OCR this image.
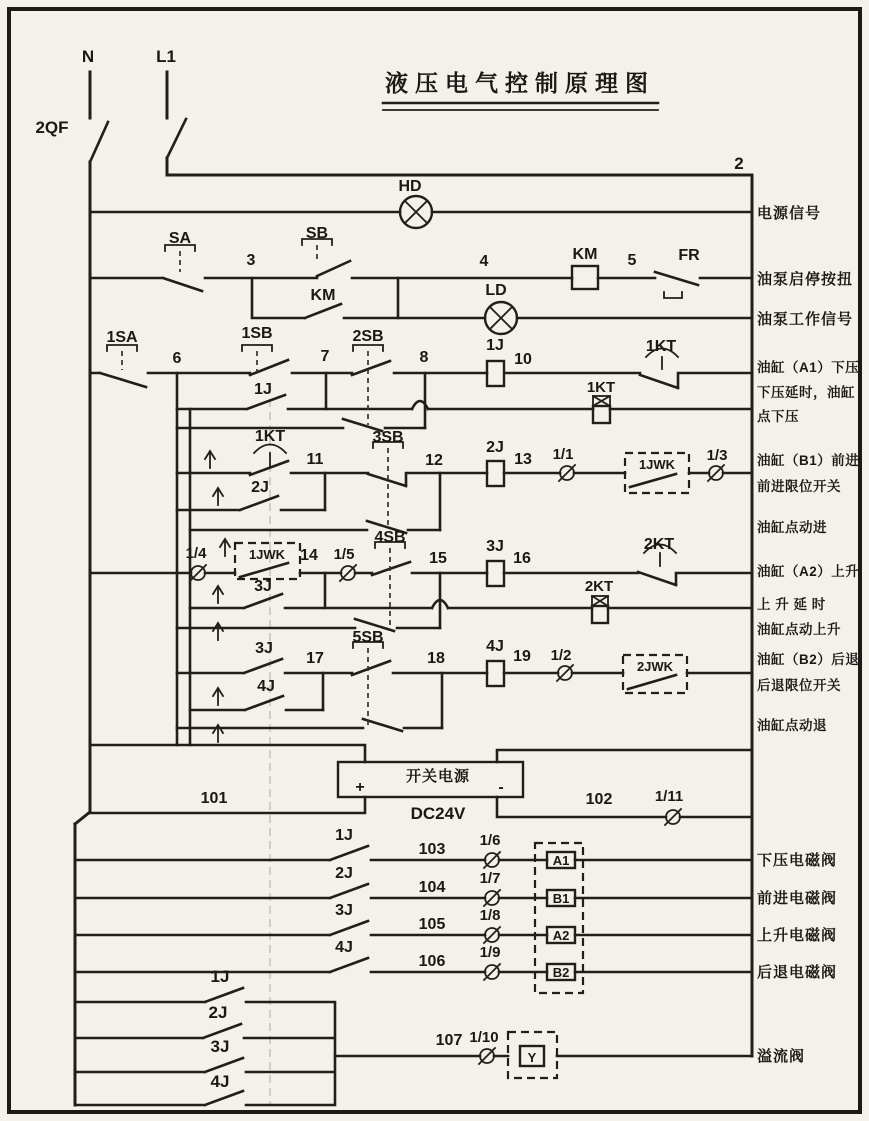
液压电气控制原理图
N	L1
2QF
2
HD
SA	SB
3
KM
4	KM 5	FR
LD
1SA	1SB	2SB
6	7	8
1J
10
1KT
1J	1KT
1KT
11
3SB
12
2J
13 1/1
1JWK
1/3
2J
1/4	1JWK 14 1/5
4SB
15
3J
16
2KT
3J	2KT
5SB
3J
17	18
4J
19 1/2
2JWK
4J
开关电源
+	-
DC24V
101	102	1/11
1J
103
1/6
A1
2J
104
1/7
B1
3J
105
1/8
A2
4J
106
1/9
B2
1J
2J
3J
4J
107 1/10
Y
电源信号
油泵启停按扭
油泵工作信号
油缸（A1）下压
下压延时，油缸
点下压
油缸（B1）前进
前进限位开关
油缸点动进
油缸（A2）上升
上 升 延 时
油缸点动上升
油缸（B2）后退
后退限位开关
油缸点动退
下压电磁阀
前进电磁阀
上升电磁阀
后退电磁阀
溢流阀
